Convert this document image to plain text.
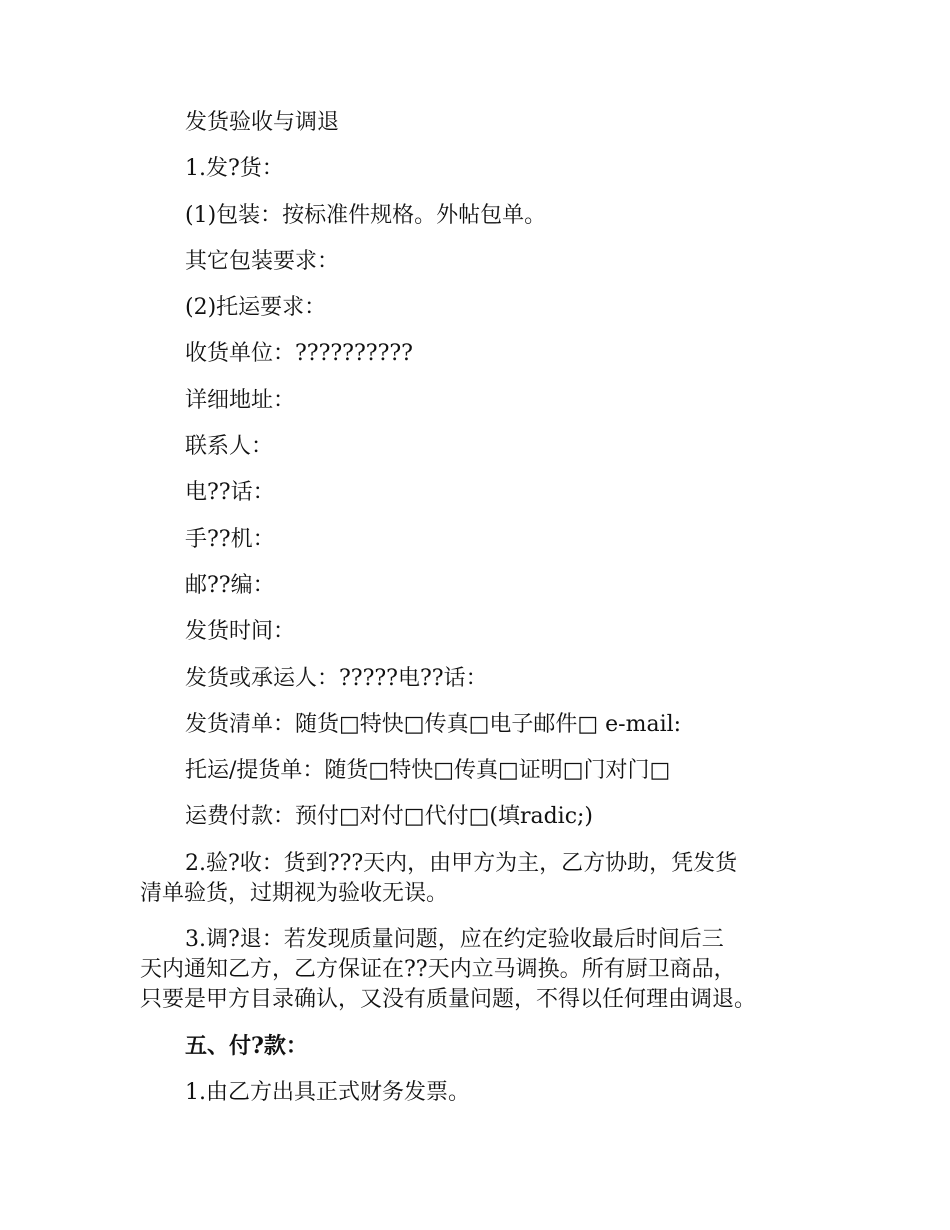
发货验收与调退
1.发?货：
(1)包装：按标准件规格。外帖包单。
其它包装要求：
(2)托运要求：
收货单位：??????????
详细地址：
联系人：
电??话：
手??机：
邮??编：
发货时间：
发货或承运人：?????电??话：
发货清单：随货□特快□传真□电子邮件□ e-mail:
托运/提货单：随货□特快□传真□证明□门对门□
运费付款：预付□对付□代付□(填radic;)
2.验?收：货到???天内，由甲方为主，乙方协助，凭发货
清单验货，过期视为验收无误。
3.调?退：若发现质量问题，应在约定验收最后时间后三
天内通知乙方，乙方保证在??天内立马调换。所有厨卫商品，
只要是甲方目录确认，又没有质量问题，不得以任何理由调退。
五、付?款：
1.由乙方出具正式财务发票。
